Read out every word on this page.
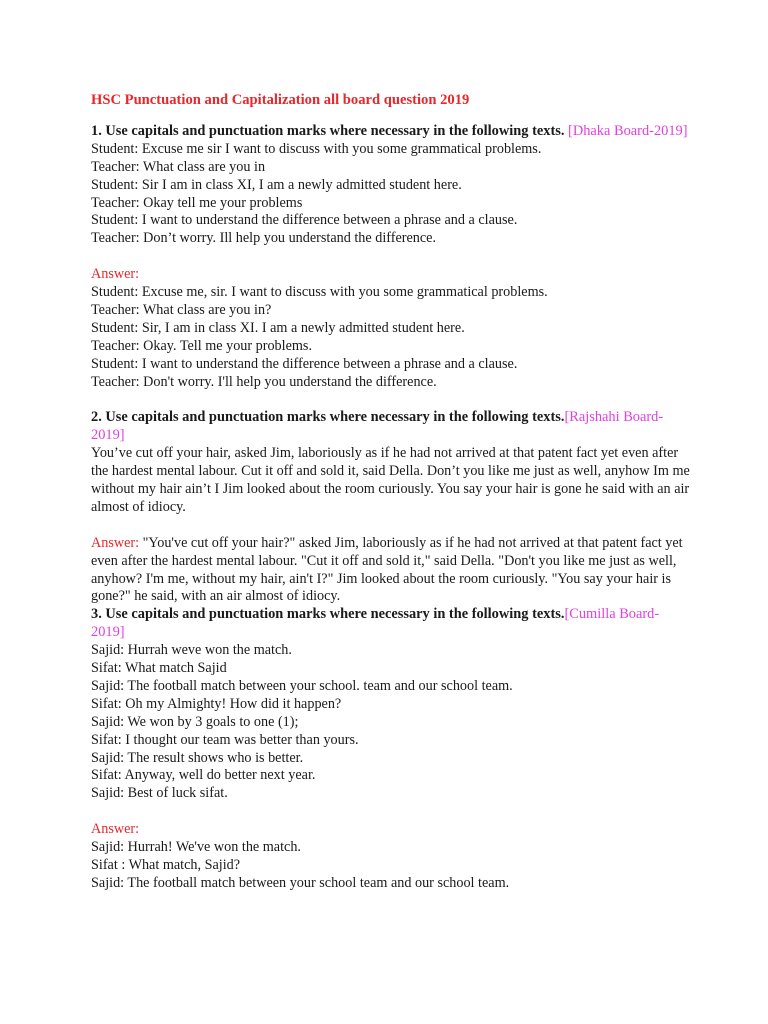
HSC Punctuation and Capitalization all board question 2019

1. Use capitals and punctuation marks where necessary in the following texts. [Dhaka Board-2019]

Student: Excuse me sir I want to discuss with you some grammatical problems.

Teacher: What class are you in

Student: Sir I am in class XI, I am a newly admitted student here.

Teacher: Okay tell me your problems

Student: I want to understand the difference between a phrase and a clause.

Teacher: Don’t worry. Ill help you understand the difference.

Answer:

Student: Excuse me, sir. I want to discuss with you some grammatical problems.

Teacher: What class are you in?

Student: Sir, I am in class XI. I am a newly admitted student here.

Teacher: Okay. Tell me your problems.

Student: I want to understand the difference between a phrase and a clause.

Teacher: Don't worry. I'll help you understand the difference.

2. Use capitals and punctuation marks where necessary in the following texts.[Rajshahi Board-2019]

You’ve cut off your hair, asked Jim, laboriously as if he had not arrived at that patent fact yet even after the hardest mental labour. Cut it off and sold it, said Della. Don’t you like me just as well, anyhow Im me without my hair ain’t I Jim looked about the room curiously. You say your hair is gone he said with an air almost of idiocy.

Answer: "You've cut off your hair?" asked Jim, laboriously as if he had not arrived at that patent fact yet even after the hardest mental labour. "Cut it off and sold it," said Della. "Don't you like me just as well, anyhow? I'm me, without my hair, ain't I?" Jim looked about the room curiously. "You say your hair is gone?" he said, with an air almost of idiocy.

3. Use capitals and punctuation marks where necessary in the following texts.[Cumilla Board-2019]

Sajid: Hurrah weve won the match.

Sifat: What match Sajid

Sajid: The football match between your school. team and our school team.

Sifat: Oh my Almighty! How did it happen?

Sajid: We won by 3 goals to one (1);

Sifat: I thought our team was better than yours.

Sajid: The result shows who is better.

Sifat: Anyway, well do better next year.

Sajid: Best of luck sifat.

Answer:

Sajid: Hurrah! We've won the match.

Sifat : What match, Sajid?

Sajid: The football match between your school team and our school team.
